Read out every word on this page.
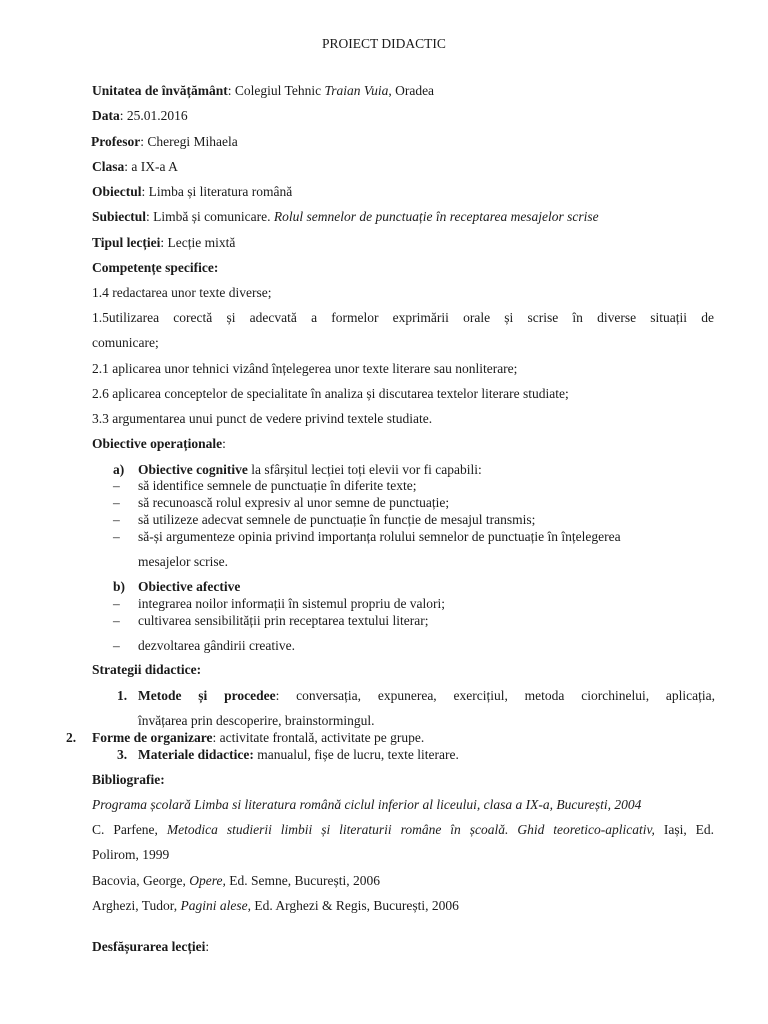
PROIECT DIDACTIC
Unitatea de învățământ: Colegiul Tehnic Traian Vuia, Oradea
Data: 25.01.2016
Profesor: Cheregi Mihaela
Clasa: a IX-a A
Obiectul: Limba și literatura română
Subiectul: Limbă și comunicare. Rolul semnelor de punctuație în receptarea mesajelor scrise
Tipul lecției: Lecție mixtă
Competențe specifice:
1.4 redactarea unor texte diverse;
1.5utilizarea corectă și adecvată a formelor exprimării orale și scrise în diverse situații de
comunicare;
2.1 aplicarea unor tehnici vizând înțelegerea unor texte literare sau nonliterare;
2.6 aplicarea conceptelor de specialitate în analiza și discutarea textelor literare studiate;
3.3 argumentarea unui punct de vedere privind textele studiate.
Obiective operaționale:
a) Obiective cognitive la sfârșitul lecției toți elevii vor fi capabili:
– să identifice semnele de punctuație în diferite texte;
– să recunoască rolul expresiv al unor semne de punctuație;
– să utilizeze adecvat semnele de punctuație în funcție de mesajul transmis;
– să-și argumenteze opinia privind importanța rolului semnelor de punctuație în înțelegerea
mesajelor scrise.
b) Obiective afective
– integrarea noilor informații în sistemul propriu de valori;
– cultivarea sensibilității prin receptarea textului literar;
– dezvoltarea gândirii creative.
Strategii didactice:
1. Metode și procedee: conversația, expunerea, exercițiul, metoda ciorchinelui, aplicația,
învățarea prin descoperire, brainstormingul.
2. Forme de organizare: activitate frontală, activitate pe grupe.
3. Materiale didactice: manualul, fișe de lucru, texte literare.
Bibliografie:
Programa școlară Limba si literatura română ciclul inferior al liceului, clasa a IX-a, București, 2004
C. Parfene, Metodica studierii limbii și literaturii române în școală. Ghid teoretico-aplicativ, Iași, Ed.
Polirom, 1999
Bacovia, George, Opere, Ed. Semne, București, 2006
Arghezi, Tudor, Pagini alese, Ed. Arghezi & Regis, București, 2006
Desfășurarea lecției:
